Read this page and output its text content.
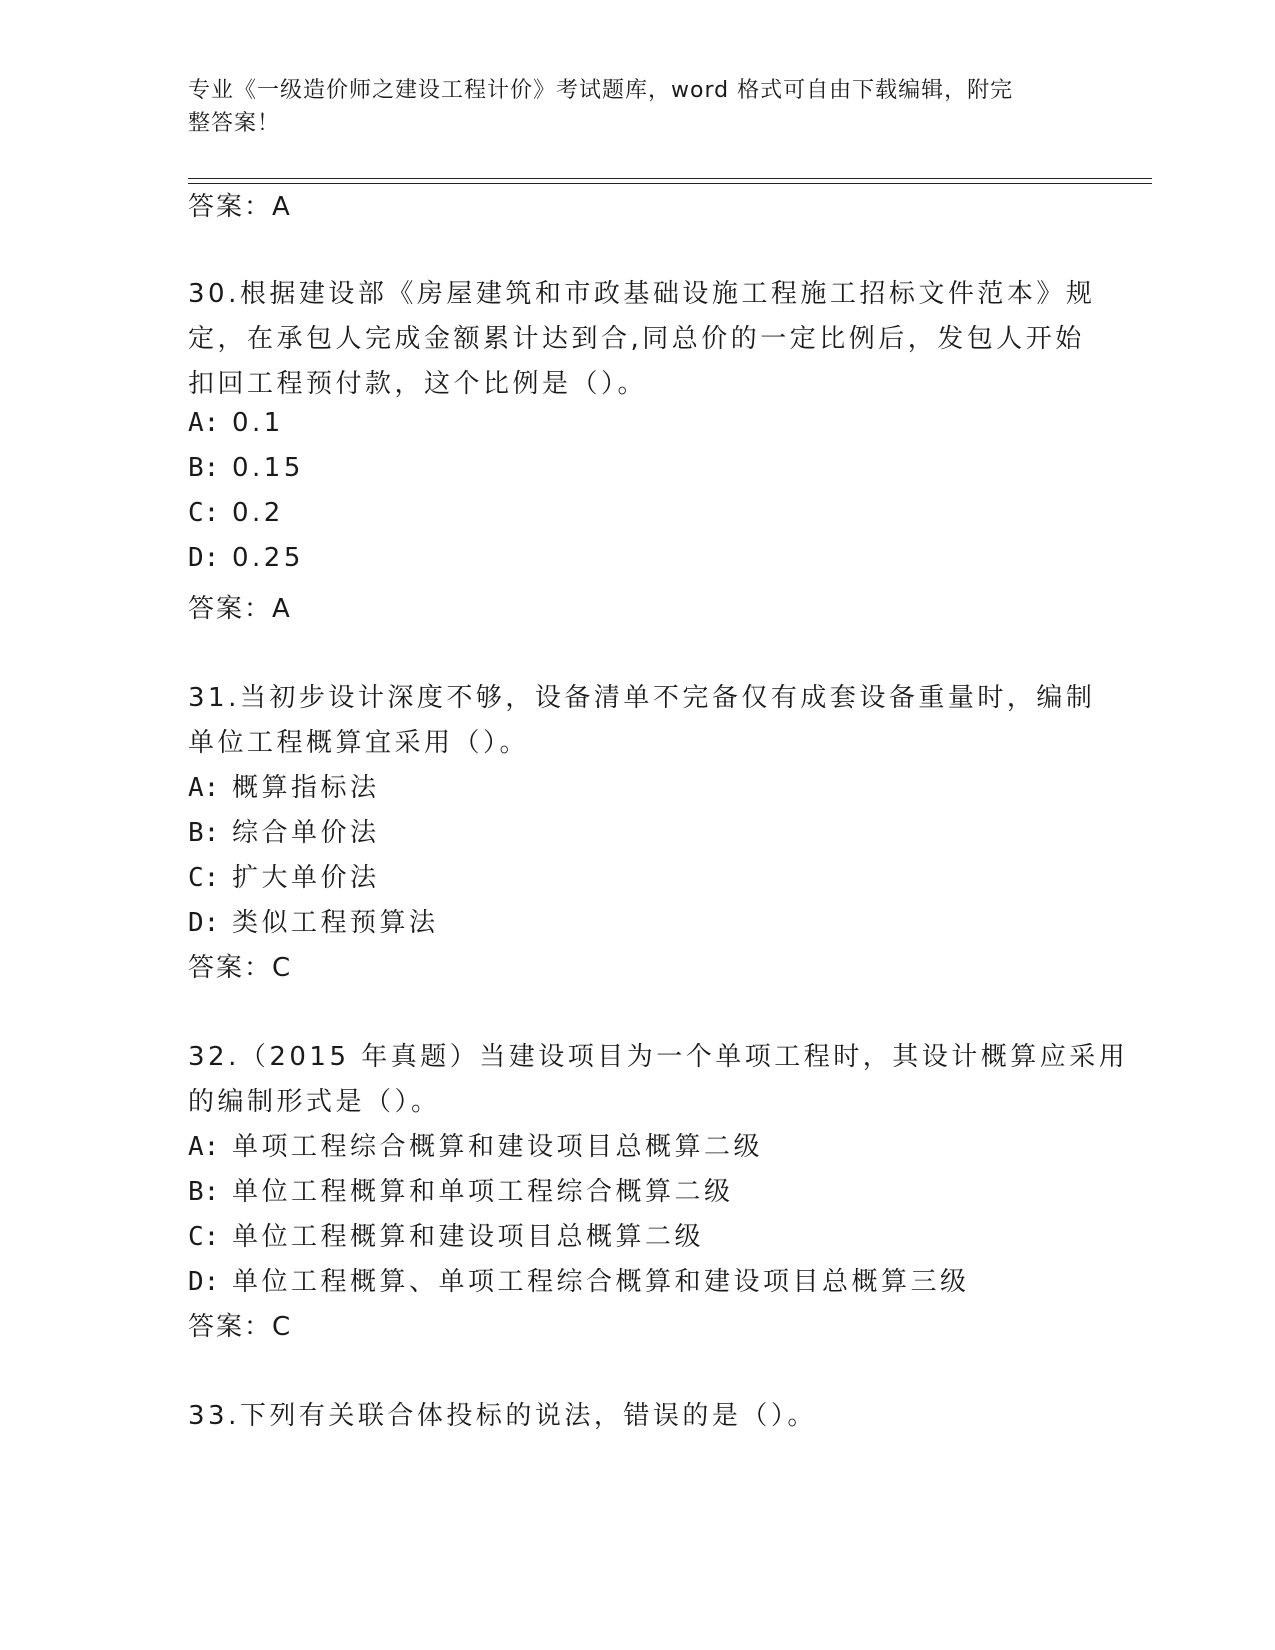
专业《一级造价师之建设工程计价》考试题库，word 格式可自由下载编辑，附完
整答案！
答案：A
30.根据建设部《房屋建筑和市政基础设施工程施工招标文件范本》规
定，在承包人完成金额累计达到合,同总价的一定比例后，发包人开始
扣回工程预付款，这个比例是（）。
A: 0.1
B: 0.15
C: 0.2
D: 0.25
答案：A
31.当初步设计深度不够，设备清单不完备仅有成套设备重量时，编制
单位工程概算宜采用（）。
A: 概算指标法
B: 综合单价法
C: 扩大单价法
D: 类似工程预算法
答案：C
32.（2015 年真题）当建设项目为一个单项工程时，其设计概算应采用
的编制形式是（）。
A: 单项工程综合概算和建设项目总概算二级
B: 单位工程概算和单项工程综合概算二级
C: 单位工程概算和建设项目总概算二级
D: 单位工程概算、单项工程综合概算和建设项目总概算三级
答案：C
33.下列有关联合体投标的说法，错误的是（）。
